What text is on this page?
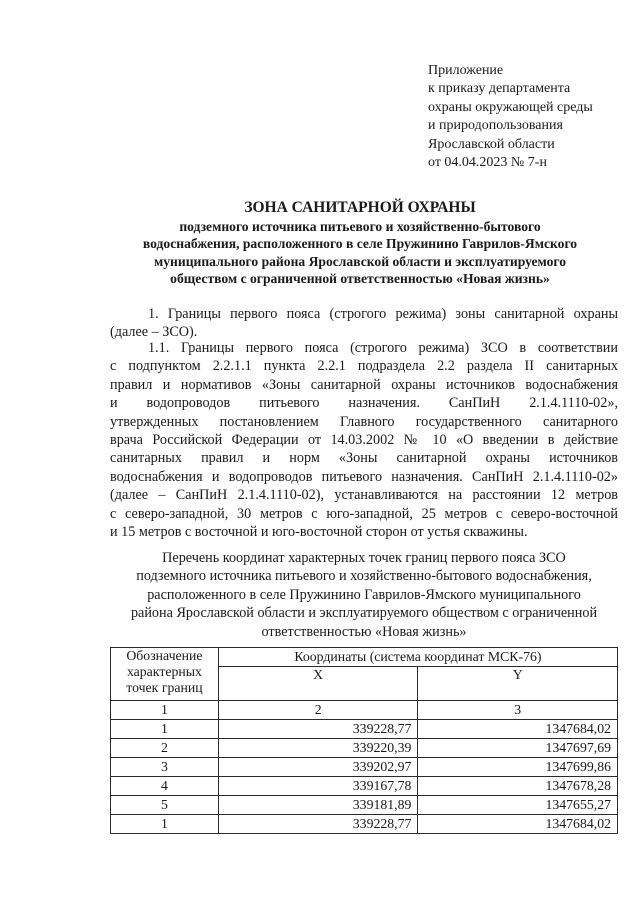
Приложение
к приказу департамента
охраны окружающей среды
и природопользования
Ярославской области
от 04.04.2023 № 7-н
ЗОНА САНИТАРНОЙ ОХРАНЫ
подземного источника питьевого и хозяйственно-бытового
водоснабжения, расположенного в селе Пружинино Гаврилов-Ямского
муниципального района Ярославской области и эксплуатируемого
обществом с ограниченной ответственностью «Новая жизнь»
1. Границы первого пояса (строгого режима) зоны санитарной охраны
(далее – ЗСО).
1.1. Границы первого пояса (строгого режима) ЗСО в соответствии
с подпунктом 2.2.1.1 пункта 2.2.1 подраздела 2.2 раздела II санитарных
правил и нормативов «Зоны санитарной охраны источников водоснабжения
и водопроводов питьевого назначения. СанПиН 2.1.4.1110-02»,
утвержденных постановлением Главного государственного санитарного
врача Российской Федерации от 14.03.2002 № 10 «О введении в действие
санитарных правил и норм «Зоны санитарной охраны источников
водоснабжения и водопроводов питьевого назначения. СанПиН 2.1.4.1110-02»
(далее – СанПиН 2.1.4.1110-02), устанавливаются на расстоянии 12 метров
с северо-западной, 30 метров с юго-западной, 25 метров с северо-восточной
и 15 метров с восточной и юго-восточной сторон от устья скважины.
Перечень координат характерных точек границ первого пояса ЗСО
подземного источника питьевого и хозяйственно-бытового водоснабжения,
расположенного в селе Пружинино Гаврилов-Ямского муниципального
района Ярославской области и эксплуатируемого обществом с ограниченной
ответственностью «Новая жизнь»
Обозначение
характерных
точек границ	Координаты (система координат МСК-76)	
	X	Y
1	2	3
1	339228,77	1347684,02
2	339220,39	1347697,69
3	339202,97	1347699,86
4	339167,78	1347678,28
5	339181,89	1347655,27
1	339228,77	1347684,02
